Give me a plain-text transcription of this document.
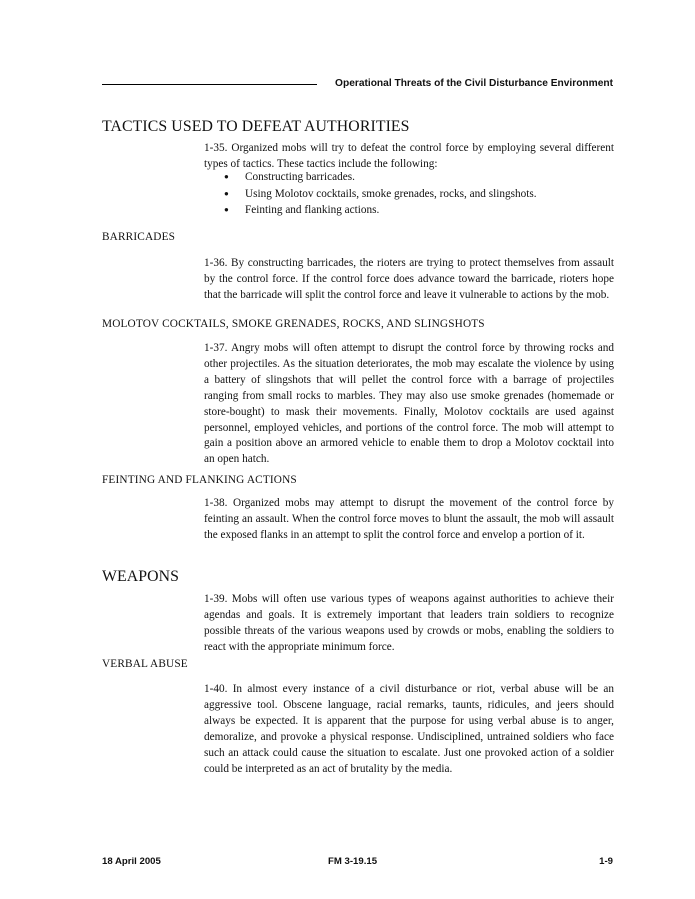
Operational Threats of the Civil Disturbance Environment
TACTICS USED TO DEFEAT AUTHORITIES
1-35. Organized mobs will try to defeat the control force by employing several different types of tactics. These tactics include the following:
● Constructing barricades.
● Using Molotov cocktails, smoke grenades, rocks, and slingshots.
● Feinting and flanking actions.
BARRICADES
1-36. By constructing barricades, the rioters are trying to protect themselves from assault by the control force. If the control force does advance toward the barricade, rioters hope that the barricade will split the control force and leave it vulnerable to actions by the mob.
MOLOTOV COCKTAILS, SMOKE GRENADES, ROCKS, AND SLINGSHOTS
1-37. Angry mobs will often attempt to disrupt the control force by throwing rocks and other projectiles. As the situation deteriorates, the mob may escalate the violence by using a battery of slingshots that will pellet the control force with a barrage of projectiles ranging from small rocks to marbles. They may also use smoke grenades (homemade or store-bought) to mask their movements. Finally, Molotov cocktails are used against personnel, employed vehicles, and portions of the control force. The mob will attempt to gain a position above an armored vehicle to enable them to drop a Molotov cocktail into an open hatch.
FEINTING AND FLANKING ACTIONS
1-38. Organized mobs may attempt to disrupt the movement of the control force by feinting an assault. When the control force moves to blunt the assault, the mob will assault the exposed flanks in an attempt to split the control force and envelop a portion of it.
WEAPONS
1-39. Mobs will often use various types of weapons against authorities to achieve their agendas and goals. It is extremely important that leaders train soldiers to recognize possible threats of the various weapons used by crowds or mobs, enabling the soldiers to react with the appropriate minimum force.
VERBAL ABUSE
1-40. In almost every instance of a civil disturbance or riot, verbal abuse will be an aggressive tool. Obscene language, racial remarks, taunts, ridicules, and jeers should always be expected. It is apparent that the purpose for using verbal abuse is to anger, demoralize, and provoke a physical response. Undisciplined, untrained soldiers who face such an attack could cause the situation to escalate. Just one provoked action of a soldier could be interpreted as an act of brutality by the media.
18 April 2005	FM 3-19.15	1-9
